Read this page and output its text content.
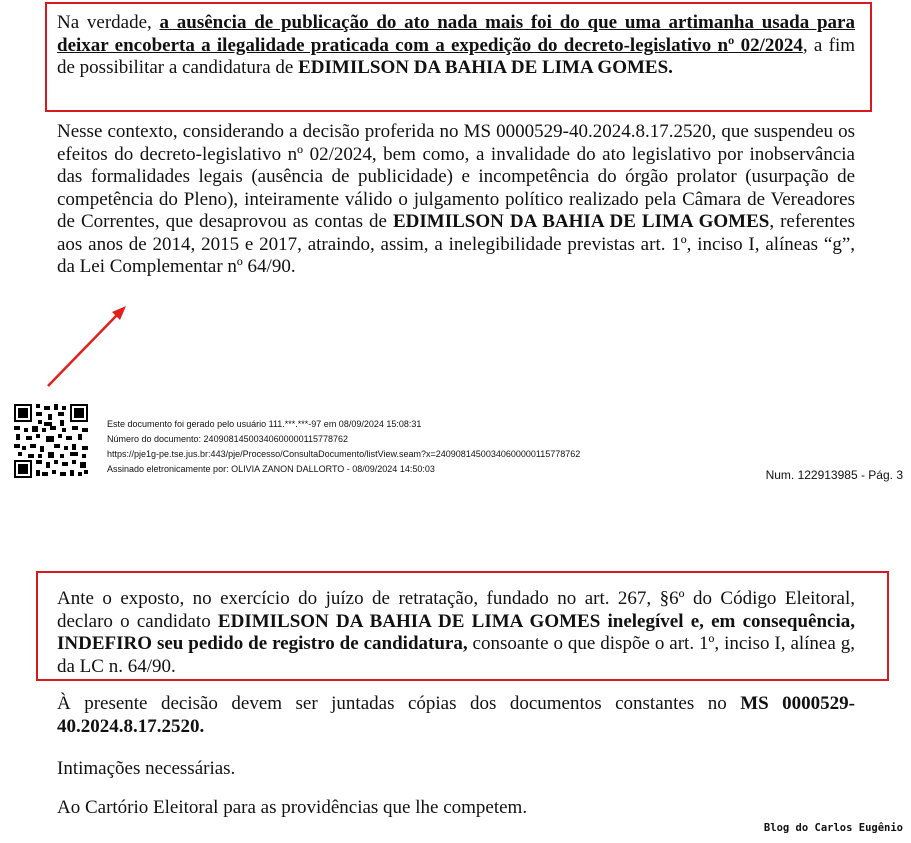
Na verdade, a ausência de publicação do ato nada mais foi do que uma artimanha usada para deixar encoberta a ilegalidade praticada com a expedição do decreto-legislativo nº 02/2024, a fim de possibilitar a candidatura de EDIMILSON DA BAHIA DE LIMA GOMES.
Nesse contexto, considerando a decisão proferida no MS 0000529-40.2024.8.17.2520, que suspendeu os efeitos do decreto-legislativo nº 02/2024, bem como, a invalidade do ato legislativo por inobservância das formalidades legais (ausência de publicidade) e incompetência do órgão prolator (usurpação de competência do Pleno), inteiramente válido o julgamento político realizado pela Câmara de Vereadores de Correntes, que desaprovou as contas de EDIMILSON DA BAHIA DE LIMA GOMES, referentes aos anos de 2014, 2015 e 2017, atraindo, assim, a inelegibilidade previstas art. 1º, inciso I, alíneas “g”, da Lei Complementar nº 64/90.
Este documento foi gerado pelo usuário 111.***.***-97 em 08/09/2024 15:08:31
Número do documento: 24090814500340600000115778762
https://pje1g-pe.tse.jus.br:443/pje/Processo/ConsultaDocumento/listView.seam?x=24090814500340600000115778762
Assinado eletronicamente por: OLIVIA ZANON DALLORTO - 08/09/2024 14:50:03	Num. 122913985 - Pág. 3
Ante o exposto, no exercício do juízo de retratação, fundado no art. 267, §6º do Código Eleitoral, declaro o candidato EDIMILSON DA BAHIA DE LIMA GOMES inelegível e, em consequência, INDEFIRO seu pedido de registro de candidatura, consoante o que dispõe o art. 1º, inciso I, alínea g, da LC n. 64/90.
À presente decisão devem ser juntadas cópias dos documentos constantes no MS 0000529-40.2024.8.17.2520.
Intimações necessárias.
Ao Cartório Eleitoral para as providências que lhe competem.
Blog do Carlos Eugênio
